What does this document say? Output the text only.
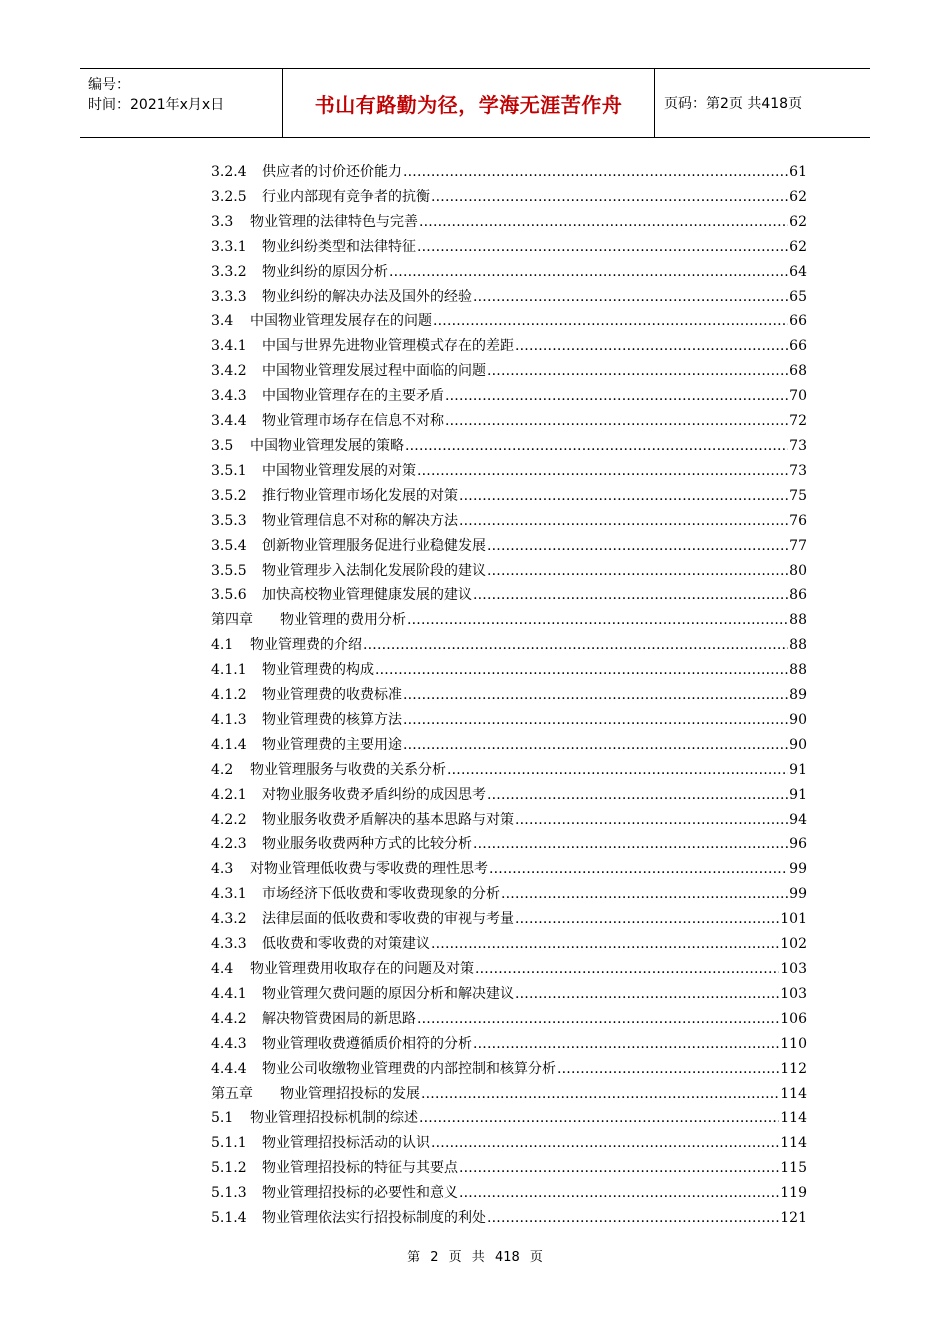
编号：
时间：2021年x月x日	书山有路勤为径，学海无涯苦作舟	页码：第2页 共418页
3.2.4	供应者的讨价还价能力 .....	61
3.2.5	行业内部现有竞争者的抗衡 .....	62
3.3	物业管理的法律特色与完善 .....	62
3.3.1	物业纠纷类型和法律特征 .....	62
3.3.2	物业纠纷的原因分析 .....	64
3.3.3	物业纠纷的解决办法及国外的经验 .....	65
3.4	中国物业管理发展存在的问题 .....	66
3.4.1	中国与世界先进物业管理模式存在的差距 .....	66
3.4.2	中国物业管理发展过程中面临的问题 .....	68
3.4.3	中国物业管理存在的主要矛盾 .....	70
3.4.4	物业管理市场存在信息不对称 .....	72
3.5	中国物业管理发展的策略 .....	73
3.5.1	中国物业管理发展的对策 .....	73
3.5.2	推行物业管理市场化发展的对策 .....	75
3.5.3	物业管理信息不对称的解决方法 .....	76
3.5.4	创新物业管理服务促进行业稳健发展 .....	77
3.5.5	物业管理步入法制化发展阶段的建议 .....	80
3.5.6	加快高校物业管理健康发展的建议 .....	86
第四章	物业管理的费用分析 .....	88
4.1	物业管理费的介绍 .....	88
4.1.1	物业管理费的构成 .....	88
4.1.2	物业管理费的收费标准 .....	89
4.1.3	物业管理费的核算方法 .....	90
4.1.4	物业管理费的主要用途 .....	90
4.2	物业管理服务与收费的关系分析 .....	91
4.2.1	对物业服务收费矛盾纠纷的成因思考 .....	91
4.2.2	物业服务收费矛盾解决的基本思路与对策 .....	94
4.2.3	物业服务收费两种方式的比较分析 .....	96
4.3	对物业管理低收费与零收费的理性思考 .....	99
4.3.1	市场经济下低收费和零收费现象的分析 .....	99
4.3.2	法律层面的低收费和零收费的审视与考量 .....	101
4.3.3	低收费和零收费的对策建议 .....	102
4.4	物业管理费用收取存在的问题及对策 .....	103
4.4.1	物业管理欠费问题的原因分析和解决建议 .....	103
4.4.2	解决物管费困局的新思路 .....	106
4.4.3	物业管理收费遵循质价相符的分析 .....	110
4.4.4	物业公司收缴物业管理费的内部控制和核算分析 .....	112
第五章	物业管理招投标的发展 .....	114
5.1	物业管理招投标机制的综述 .....	114
5.1.1	物业管理招投标活动的认识 .....	114
5.1.2	物业管理招投标的特征与其要点 .....	115
5.1.3	物业管理招投标的必要性和意义 .....	119
5.1.4	物业管理依法实行招投标制度的利处 .....	121
第 2 页 共 418 页
